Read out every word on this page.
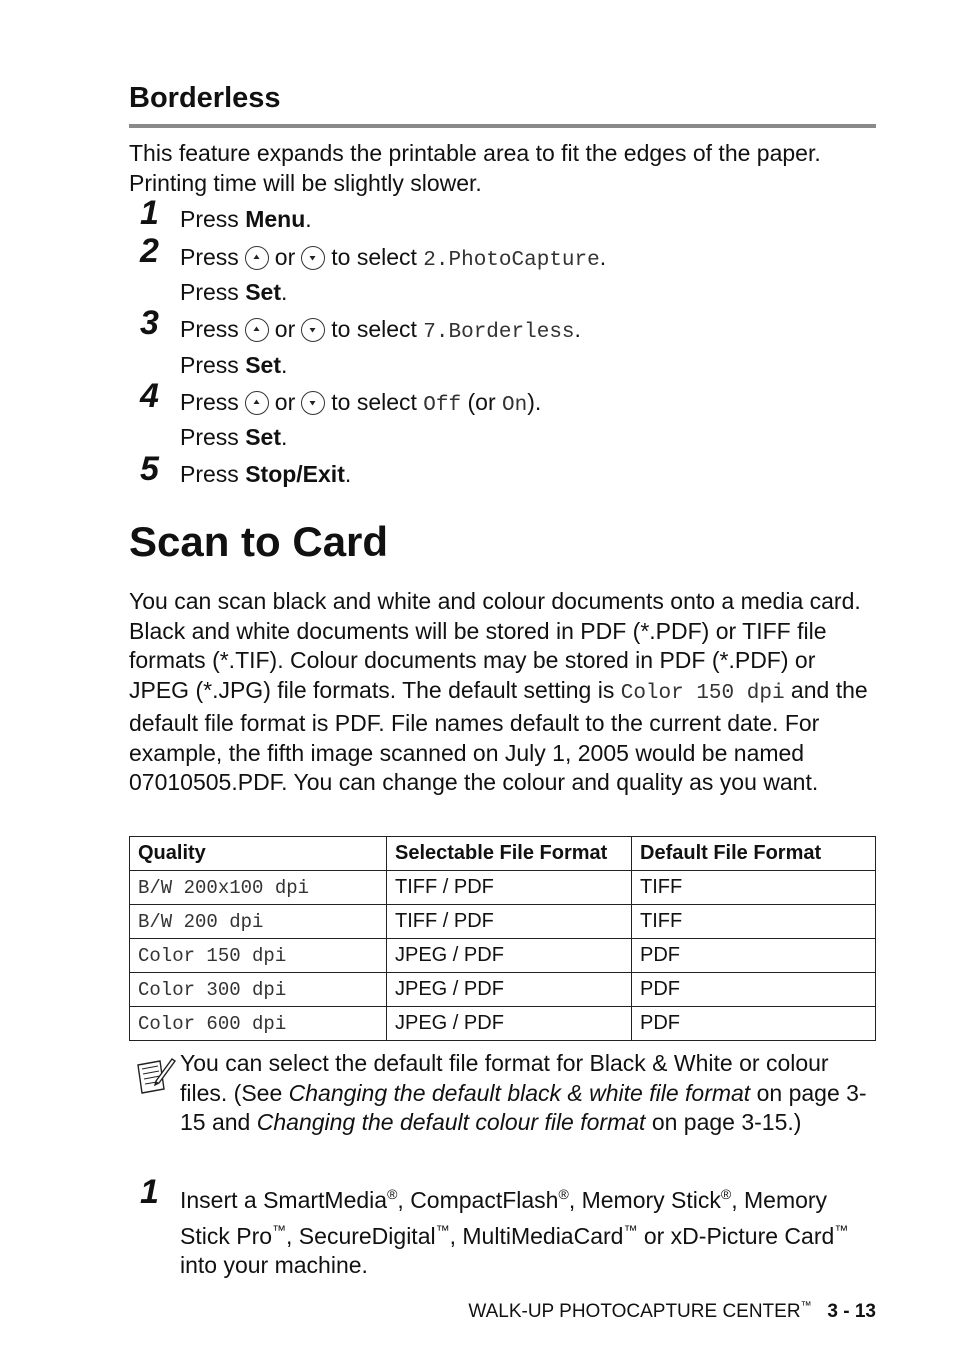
Borderless

This feature expands the printable area to fit the edges of the paper. Printing time will be slightly slower.

1 Press Menu.
2 Press or to select 2.PhotoCapture.
Press Set.
3 Press or to select 7.Borderless.
Press Set.
4 Press or to select Off (or On).
Press Set.
5 Press Stop/Exit.
Scan to Card

You can scan black and white and colour documents onto a media card. Black and white documents will be stored in PDF (*.PDF) or TIFF file formats (*.TIF). Colour documents may be stored in PDF (*.PDF) or JPEG (*.JPG) file formats. The default setting is Color 150 dpi and the default file format is PDF. File names default to the current date. For example, the fifth image scanned on July 1, 2005 would be named 07010505.PDF. You can change the colour and quality as you want.

Quality	Selectable File Format	Default File Format
B/W 200x100 dpi	TIFF / PDF	TIFF
B/W 200 dpi	TIFF / PDF	TIFF
Color 150 dpi	JPEG / PDF	PDF
Color 300 dpi	JPEG / PDF	PDF
Color 600 dpi	JPEG / PDF	PDF

You can select the default file format for Black & White or colour files. (See Changing the default black & white file format on page 3-15 and Changing the default colour file format on page 3-15.)

1 Insert a SmartMedia®, CompactFlash®, Memory Stick®, Memory Stick Pro™, SecureDigital™, MultiMediaCard™ or xD-Picture Card™ into your machine.

WALK-UP PHOTOCAPTURE CENTER™ 3 - 13
